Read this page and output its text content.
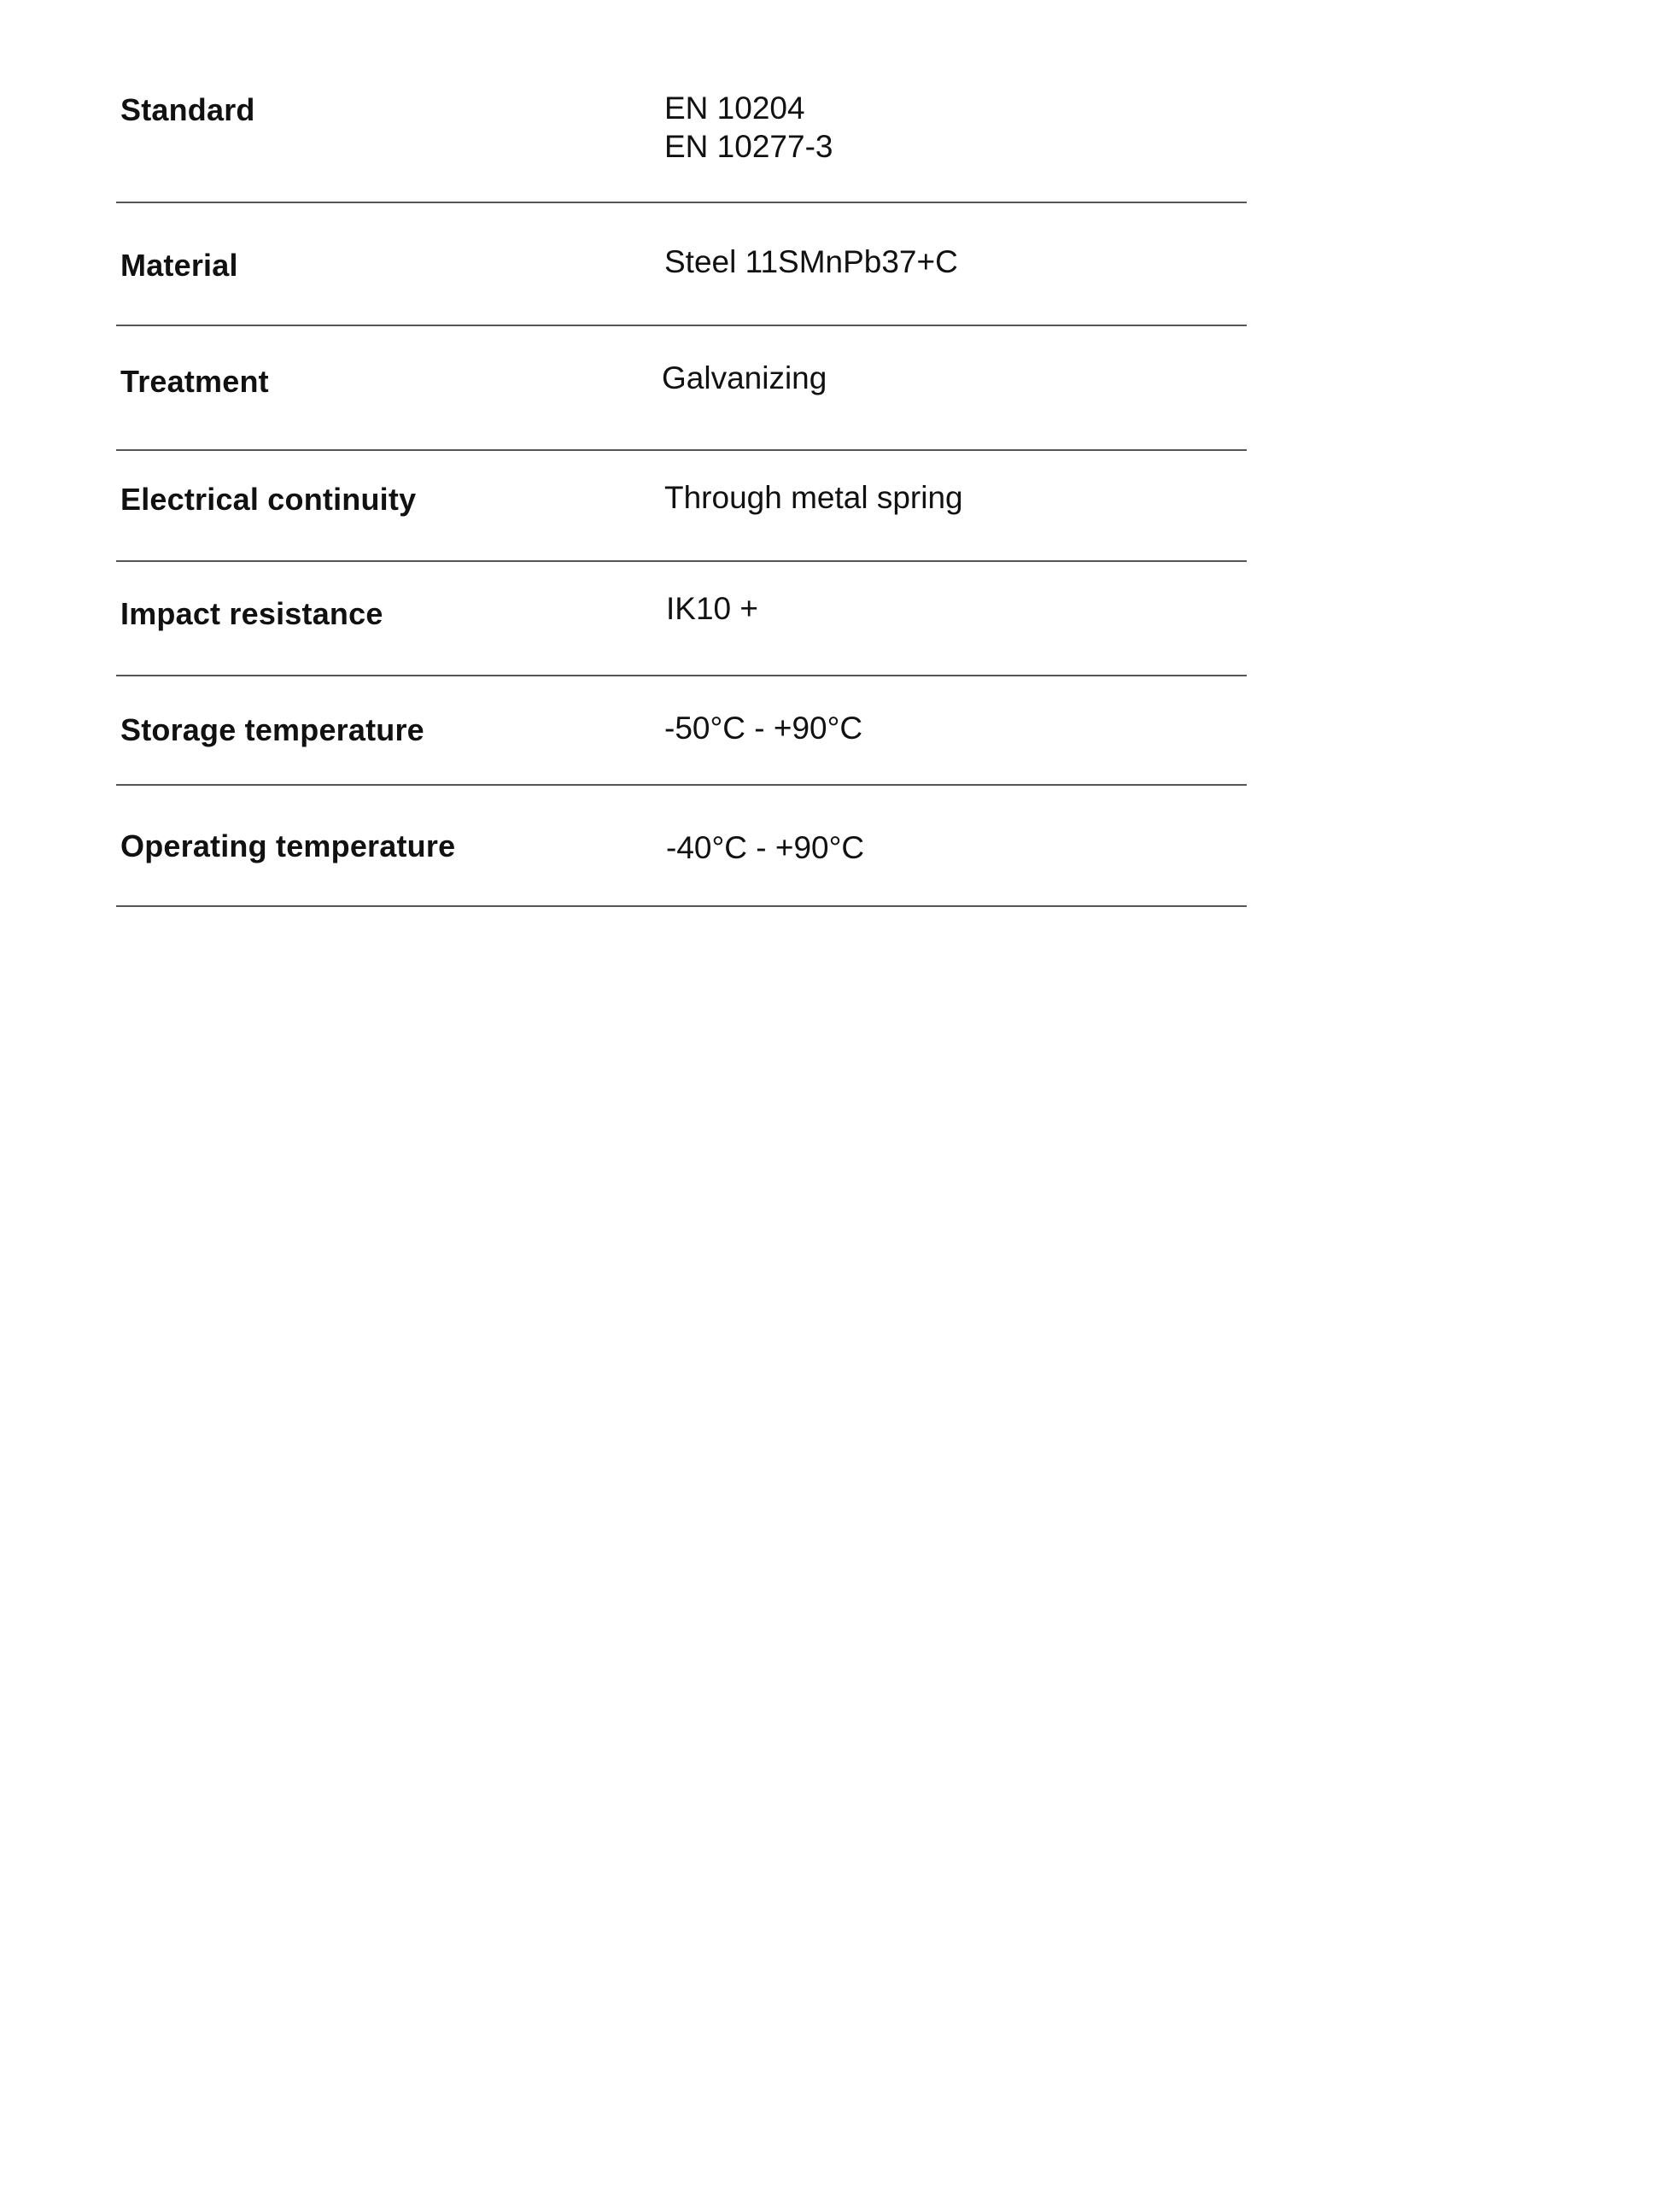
Standard	EN 10204
EN 10277-3
Material	Steel 11SMnPb37+C
Treatment	Galvanizing
Electrical continuity	Through metal spring
Impact resistance	IK10 +
Storage temperature	-50°C - +90°C
Operating temperature	-40°C - +90°C
